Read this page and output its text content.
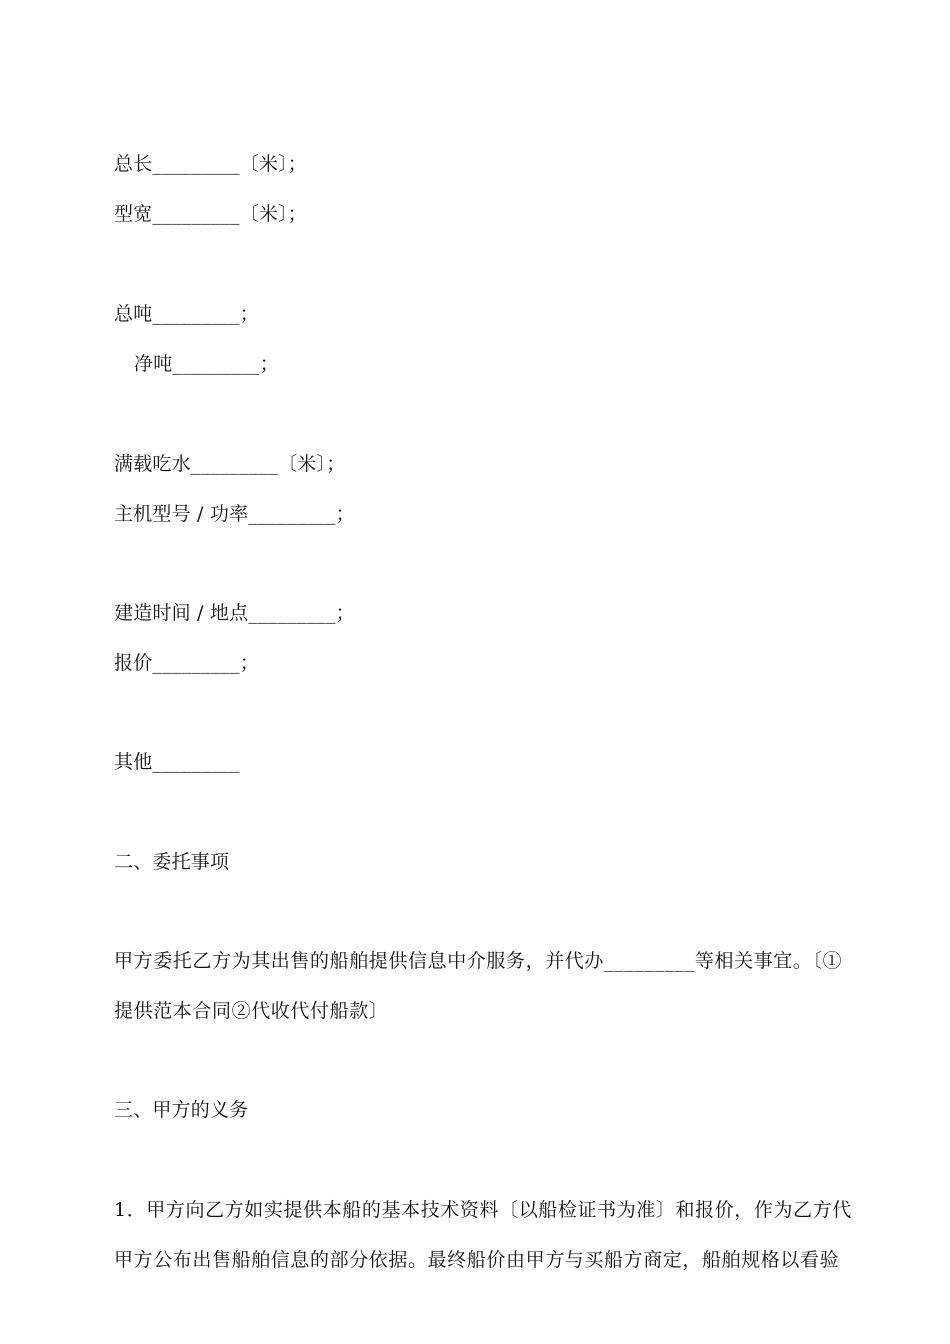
总长_________〔米〕；
型宽_________〔米〕；
总吨_________；
净吨_________；
满载吃水_________〔米〕；
主机型号 / 功率_________；
建造时间 / 地点_________；
报价_________；
其他_________
二、委托事项
甲方委托乙方为其出售的船舶提供信息中介服务，并代办_________等相关事宜。〔①
提供范本合同②代收代付船款〕
三、甲方的义务
1．甲方向乙方如实提供本船的基本技术资料〔以船检证书为准〕和报价，作为乙方代
甲方公布出售船舶信息的部分依据。最终船价由甲方与买船方商定，船舶规格以看验
